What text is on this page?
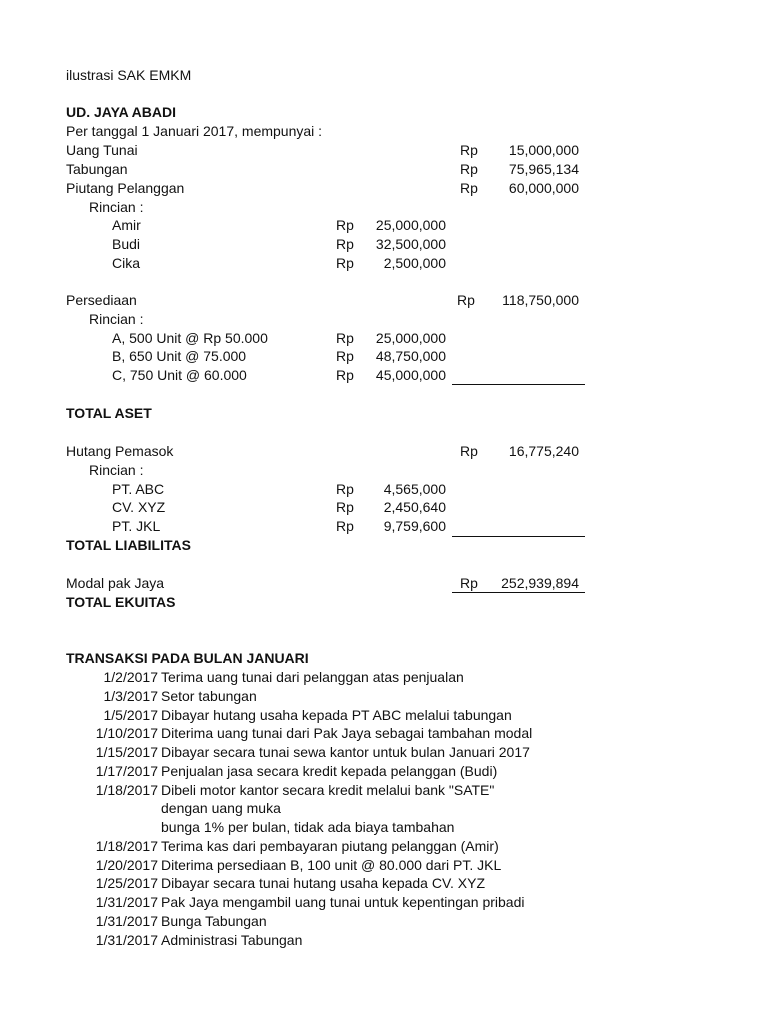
ilustrasi SAK EMKM
UD. JAYA ABADI
Per tanggal 1 Januari 2017, mempunyai :
Uang Tunai	Rp	15,000,000
Tabungan	Rp	75,965,134
Piutang Pelanggan	Rp	60,000,000
Rincian :
Amir	Rp	25,000,000
Budi	Rp	32,500,000
Cika	Rp	2,500,000
Persediaan	Rp	118,750,000
Rincian :
A, 500 Unit @ Rp 50.000	Rp	25,000,000
B, 650 Unit @ 75.000	Rp	48,750,000
C, 750 Unit @ 60.000	Rp	45,000,000
TOTAL ASET
Hutang Pemasok	Rp	16,775,240
Rincian :
PT. ABC	Rp	4,565,000
CV. XYZ	Rp	2,450,640
PT. JKL	Rp	9,759,600
TOTAL LIABILITAS
Modal pak Jaya	Rp	252,939,894
TOTAL EKUITAS
TRANSAKSI PADA BULAN JANUARI
1/2/2017 Terima uang tunai dari pelanggan atas penjualan
1/3/2017 Setor tabungan
1/5/2017 Dibayar hutang usaha kepada PT ABC melalui tabungan
1/10/2017 Diterima uang tunai dari Pak Jaya sebagai tambahan modal
1/15/2017 Dibayar secara tunai sewa kantor untuk bulan Januari 2017
1/17/2017 Penjualan jasa secara kredit kepada pelanggan (Budi)
1/18/2017 Dibeli motor kantor secara kredit melalui bank "SATE"
dengan uang muka
bunga 1% per bulan, tidak ada biaya tambahan
1/18/2017 Terima kas dari pembayaran piutang pelanggan (Amir)
1/20/2017 Diterima persediaan B, 100 unit @ 80.000 dari PT. JKL
1/25/2017 Dibayar secara tunai hutang usaha kepada CV. XYZ
1/31/2017 Pak Jaya mengambil uang tunai untuk kepentingan pribadi
1/31/2017 Bunga Tabungan
1/31/2017 Administrasi Tabungan
